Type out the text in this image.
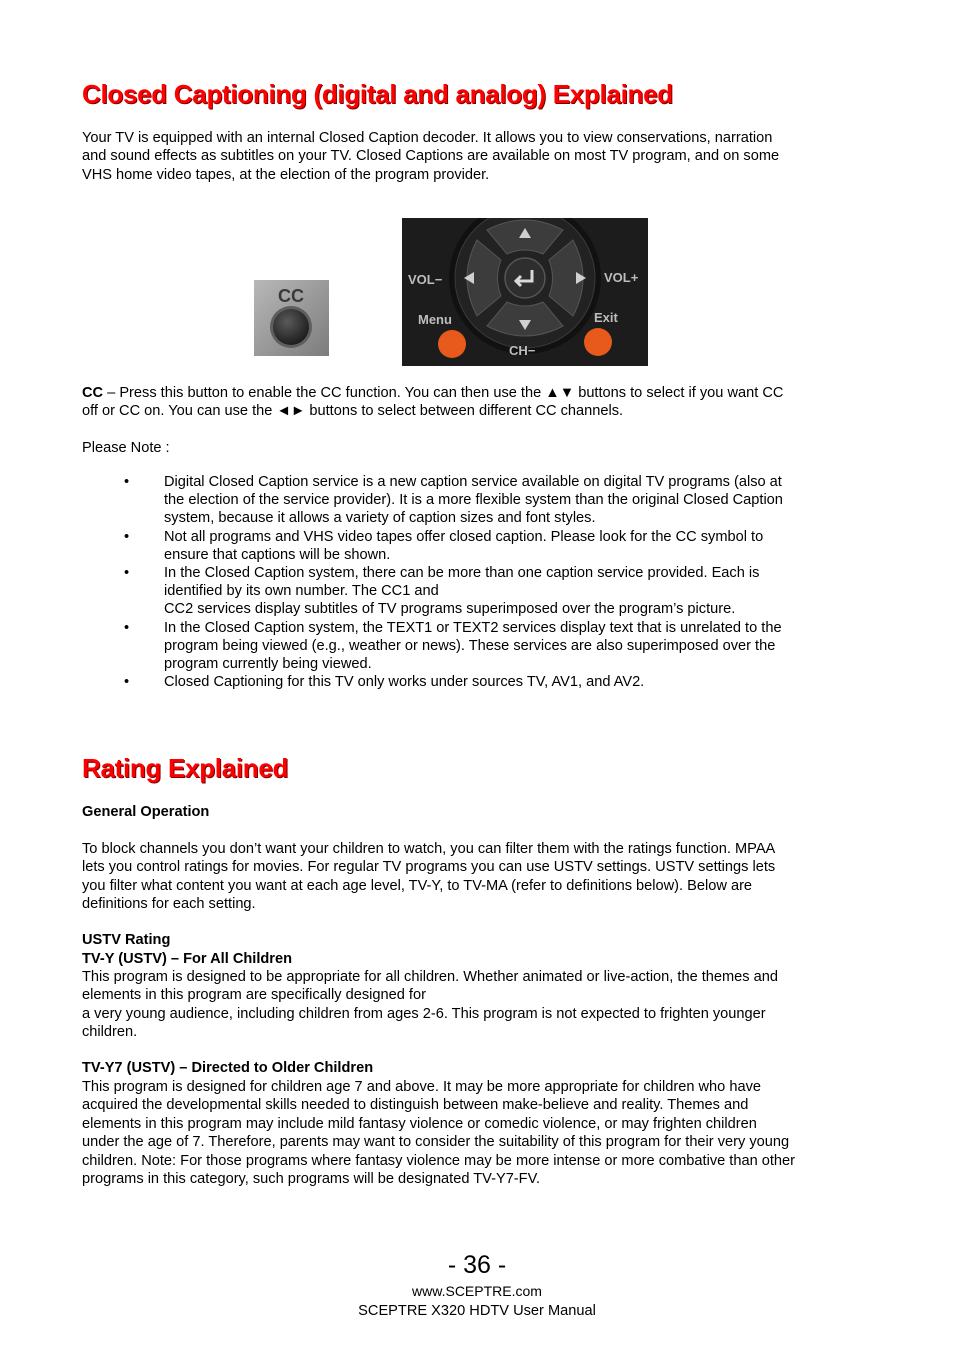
Closed Captioning (digital and analog) Explained

Your TV is equipped with an internal Closed Caption decoder. It allows you to view conservations, narration and sound effects as subtitles on your TV. Closed Captions are available on most TV program, and on some VHS home video tapes, at the election of the program provider.

CC
VOL−	VOL+
Menu	Exit
CH−

CC – Press this button to enable the CC function. You can then use the ▲▼ buttons to select if you want CC off or CC on. You can use the ◄► buttons to select between different CC channels.

Please Note :

• Digital Closed Caption service is a new caption service available on digital TV programs (also at the election of the service provider). It is a more flexible system than the original Closed Caption system, because it allows a variety of caption sizes and font styles.
• Not all programs and VHS video tapes offer closed caption. Please look for the CC symbol to ensure that captions will be shown.
• In the Closed Caption system, there can be more than one caption service provided. Each is identified by its own number. The CC1 and
CC2 services display subtitles of TV programs superimposed over the program’s picture.
• In the Closed Caption system, the TEXT1 or TEXT2 services display text that is unrelated to the program being viewed (e.g., weather or news). These services are also superimposed over the program currently being viewed.
• Closed Captioning for this TV only works under sources TV, AV1, and AV2.
Rating Explained

General Operation

To block channels you don’t want your children to watch, you can filter them with the ratings function. MPAA lets you control ratings for movies. For regular TV programs you can use USTV settings. USTV settings lets you filter what content you want at each age level, TV-Y, to TV-MA (refer to definitions below). Below are definitions for each setting.

USTV Rating

TV-Y (USTV) – For All Children

This program is designed to be appropriate for all children. Whether animated or live-action, the themes and elements in this program are specifically designed for
a very young audience, including children from ages 2-6. This program is not expected to frighten younger children.

TV-Y7 (USTV) – Directed to Older Children

This program is designed for children age 7 and above. It may be more appropriate for children who have acquired the developmental skills needed to distinguish between make-believe and reality. Themes and elements in this program may include mild fantasy violence or comedic violence, or may frighten children under the age of 7. Therefore, parents may want to consider the suitability of this program for their very young children. Note: For those programs where fantasy violence may be more intense or more combative than other programs in this category, such programs will be designated TV-Y7-FV.

- 36 -
www.SCEPTRE.com
SCEPTRE X320 HDTV User Manual
